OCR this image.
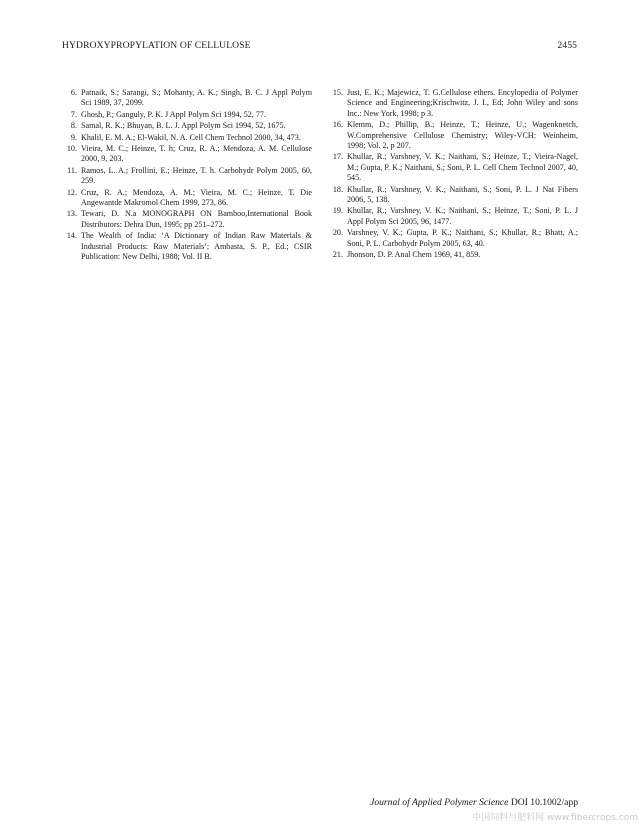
HYDROXYPROPYLATION OF CELLULOSE	2455
6. Patnaik, S.; Sarangi, S.; Mohanty, A. K.; Singh, B. C. J Appl Polym Sci 1989, 37, 2099.
7. Ghosh, P.; Ganguly, P. K. J Appl Polym Sci 1994, 52, 77.
8. Samal, R. K.; Bhuyan, B. L. J. Appl Polym Sci 1994, 52, 1675.
9. Khalil, E. M. A.; El-Wakil, N. A. Cell Chem Technol 2000, 34, 473.
10. Vieira, M. C.; Heinze, T. h; Cruz, R. A.; Mendoza, A. M. Cellulose 2000, 9, 203.
11. Ramos, L. A.; Frollini, E.; Heinze, T. h. Carbohydr Polym 2005, 60, 259.
12. Cruz, R. A.; Mendoza, A. M.; Vieira, M. C.; Heinze, T. Die Angewantde Makromol Chem 1999, 273, 86.
13. Tewari, D. N.a MONOGRAPH ON Bamboo,International Book Distributors: Dehra Dun, 1995; pp 251–272.
14. The Wealth of India: ‘A Dictionary of Indian Raw Materials & Industrial Products: Raw Materials’; Ambasta, S. P., Ed.; CSIR Publication: New Delhi, 1988; Vol. II B.
15. Just, E. K.; Majewicz, T. G.Cellulose ethers. Encylopedia of Polymer Science and Engineering;Krischwitz, J. I., Ed; John Wiley and sons Inc.: New York, 1998; p 3.
16. Klemm, D.; Phillip, B.; Heinze, T.; Heinze, U.; Wagenknetch, W.Comprehensive Cellulose Chemistry; Wiley-VCH: Weinheim, 1998; Vol. 2, p 207.
17. Khullar, R.; Varshney, V. K.; Naithani, S.; Heinze, T.; Vieira-Nagel, M.; Gupta, P. K.; Naithani, S.; Soni, P. L. Cell Chem Technol 2007, 40, 545.
18. Khullar, R.; Varshney, V. K.; Naithani, S.; Soni, P. L. J Nat Fibers 2006, 5, 138.
19. Khullar, R.; Varshney, V. K.; Naithani, S.; Heinze, T.; Soni, P. L. J Appl Polym Sci 2005, 96, 1477.
20. Varshney, V. K.; Gupta, P. K.; Naithani, S.; Khullar, R.; Bhatt, A.; Soni, P. L. Carbohydr Polym 2005, 63, 40.
21. Jhonson, D. P. Anal Chem 1969, 41, 859.
Journal of Applied Polymer Science DOI 10.1002/app
中国饲料与肥料网 www.fibercrops.com
